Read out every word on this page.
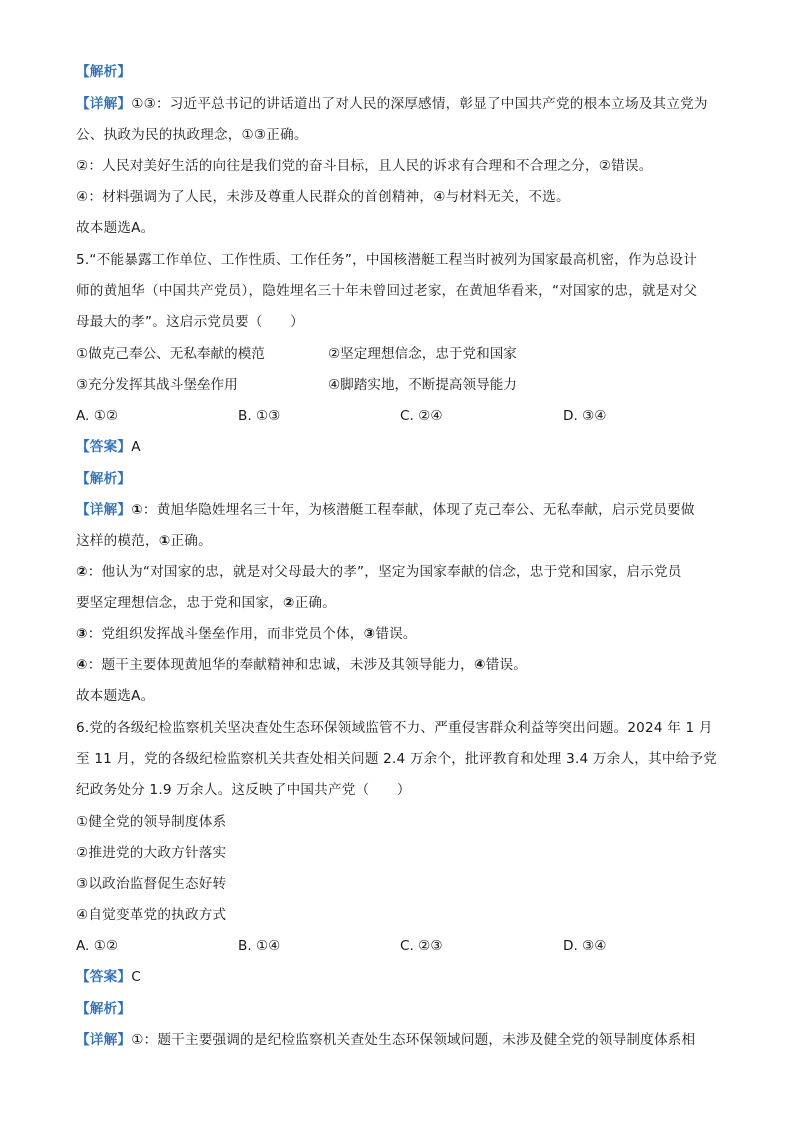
【解析】
【详解】①③：习近平总书记的讲话道出了对人民的深厚感情，彰显了中国共产党的根本立场及其立党为
公、执政为民的执政理念，①③正确。
②：人民对美好生活的向往是我们党的奋斗目标，且人民的诉求有合理和不合理之分，②错误。
④：材料强调为了人民，未涉及尊重人民群众的首创精神，④与材料无关，不选。
故本题选A。
5.“不能暴露工作单位、工作性质、工作任务”，中国核潜艇工程当时被列为国家最高机密，作为总设计
师的黄旭华（中国共产党员），隐姓埋名三十年未曾回过老家，在黄旭华看来，“对国家的忠，就是对父
母最大的孝”。这启示党员要（　　）
①做克己奉公、无私奉献的模范	②坚定理想信念，忠于党和国家
③充分发挥其战斗堡垒作用	④脚踏实地，不断提高领导能力
A. ①②	B. ①③	C. ②④	D. ③④
【答案】A
【解析】
【详解】①：黄旭华隐姓埋名三十年，为核潜艇工程奉献，体现了克己奉公、无私奉献，启示党员要做
这样的模范，①正确。
②：他认为“对国家的忠，就是对父母最大的孝”，坚定为国家奉献的信念，忠于党和国家，启示党员
要坚定理想信念，忠于党和国家，②正确。
③：党组织发挥战斗堡垒作用，而非党员个体，③错误。
④：题干主要体现黄旭华的奉献精神和忠诚，未涉及其领导能力，④错误。
故本题选A。
6.党的各级纪检监察机关坚决查处生态环保领域监管不力、严重侵害群众利益等突出问题。2024 年 1 月
至 11 月，党的各级纪检监察机关共查处相关问题 2.4 万余个，批评教育和处理 3.4 万余人，其中给予党
纪政务处分 1.9 万余人。这反映了中国共产党（　　）
①健全党的领导制度体系
②推进党的大政方针落实
③以政治监督促生态好转
④自觉变革党的执政方式
A. ①②	B. ①④	C. ②③	D. ③④
【答案】C
【解析】
【详解】①：题干主要强调的是纪检监察机关查处生态环保领域问题，未涉及健全党的领导制度体系相
